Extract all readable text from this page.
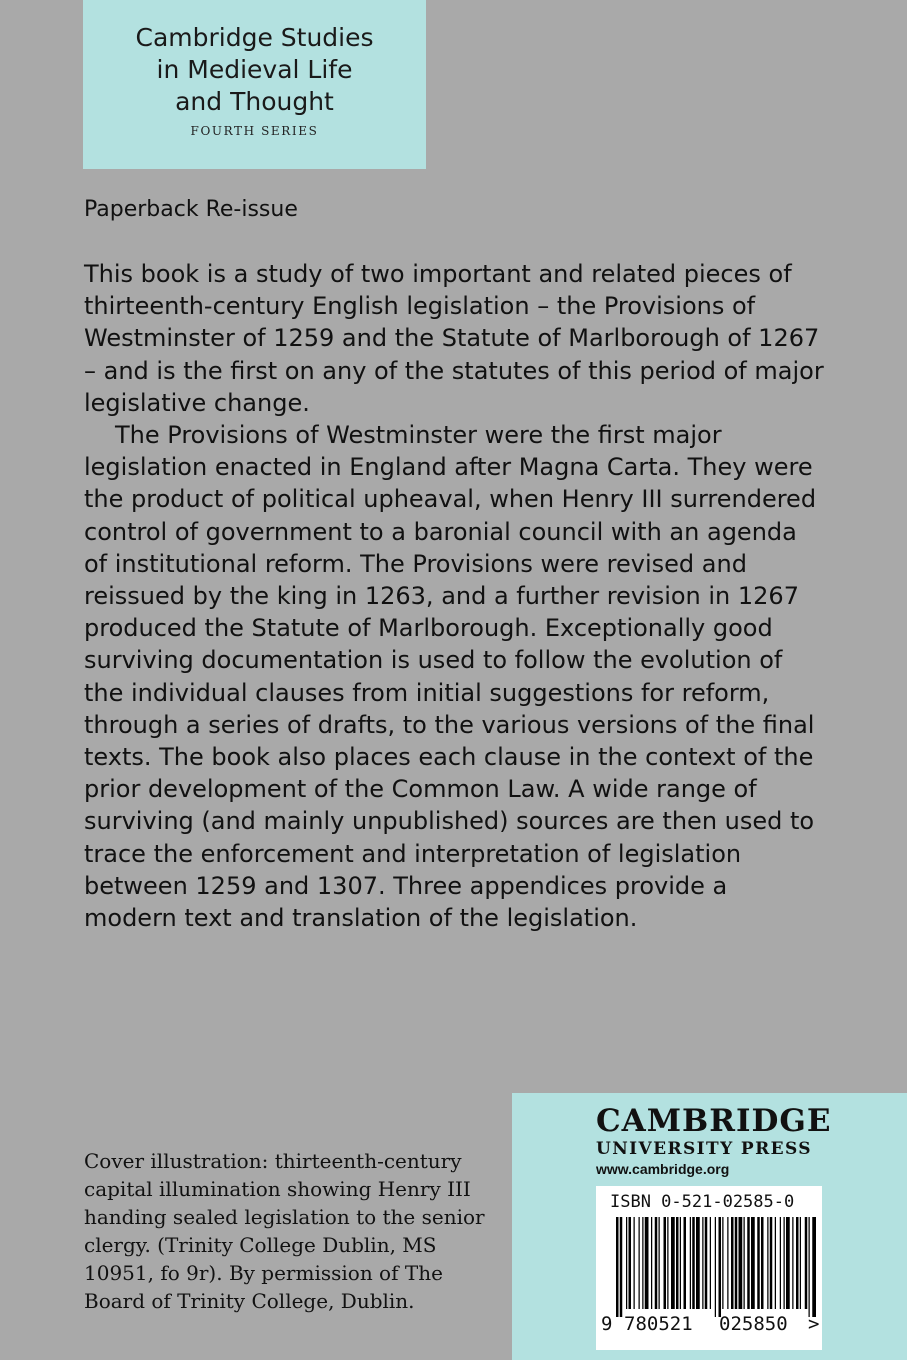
Cambridge Studies
in Medieval Life
and Thought
FOURTH SERIES
Paperback Re-issue

This book is a study of two important and related pieces of thirteenth-century English legislation – the Provisions of Westminster of 1259 and the Statute of Marlborough of 1267 – and is the first on any of the statutes of this period of major legislative change.

The Provisions of Westminster were the first major legislation enacted in England after Magna Carta. They were the product of political upheaval, when Henry III surrendered control of government to a baronial council with an agenda of institutional reform. The Provisions were revised and reissued by the king in 1263, and a further revision in 1267 produced the Statute of Marlborough. Exceptionally good surviving documentation is used to follow the evolution of the individual clauses from initial suggestions for reform, through a series of drafts, to the various versions of the final texts. The book also places each clause in the context of the prior development of the Common Law. A wide range of surviving (and mainly unpublished) sources are then used to trace the enforcement and interpretation of legislation between 1259 and 1307. Three appendices provide a modern text and translation of the legislation.

Cover illustration: thirteenth-century capital illumination showing Henry III handing sealed legislation to the senior clergy. (Trinity College Dublin, MS 10951, fo 9r). By permission of The Board of Trinity College, Dublin.
CAMBRIDGE
UNIVERSITY PRESS
www.cambridge.org
ISBN 0-521-02585-0
9 780521 025850 >
